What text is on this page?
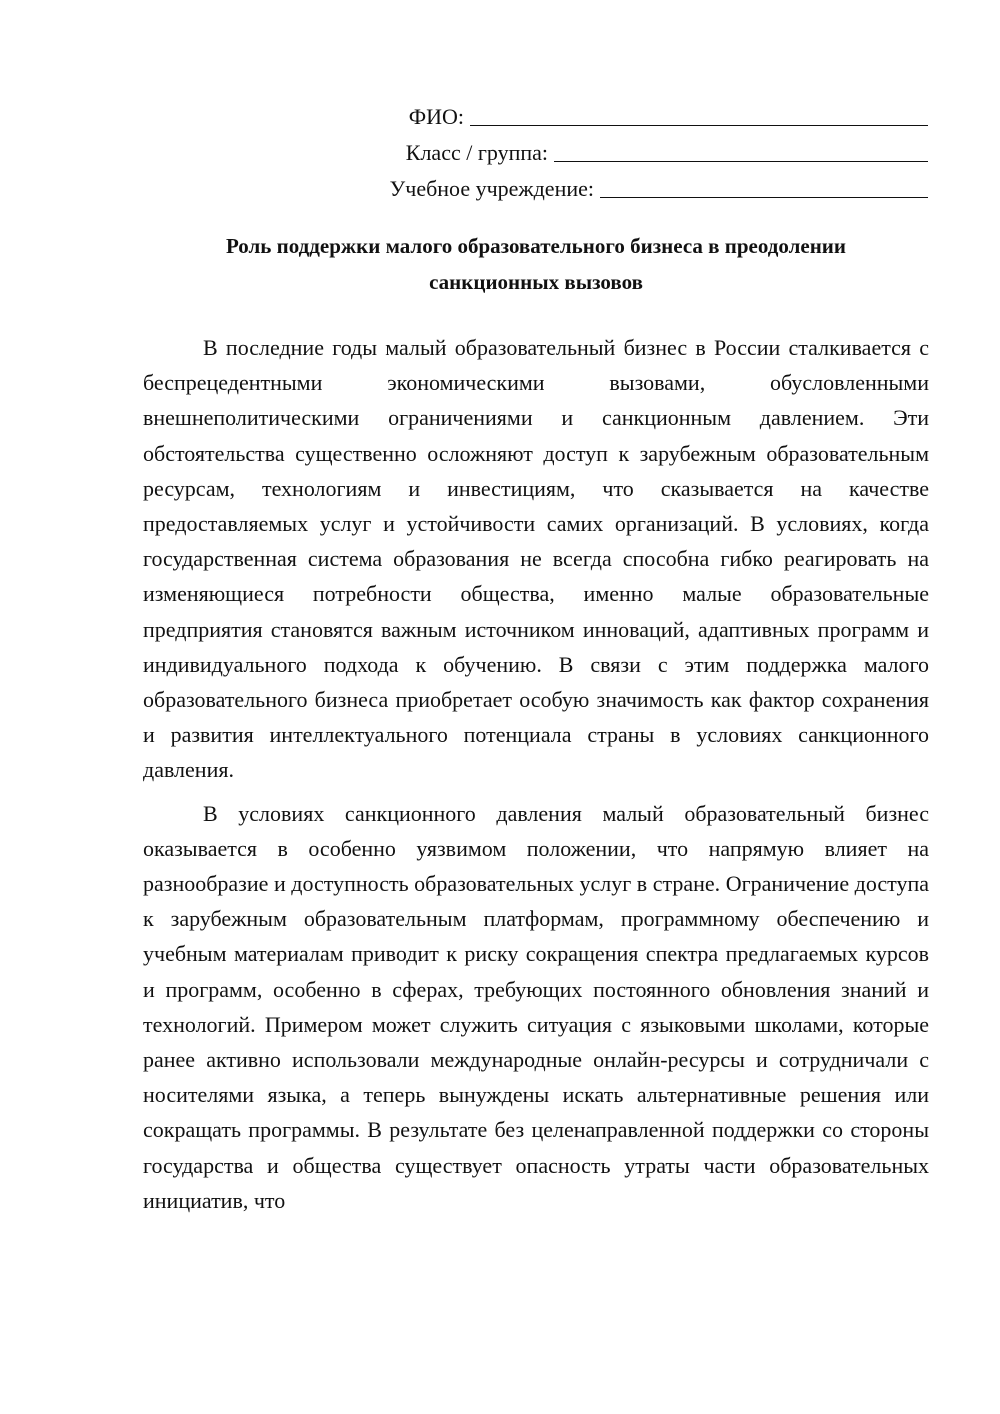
ФИО:
Класс / группа:
Учебное учреждение:
Роль поддержки малого образовательного бизнеса в преодолении
санкционных вызовов

В последние годы малый образовательный бизнес в России сталкивается с беспрецедентными экономическими вызовами, обусловленными внешнеполитическими ограничениями и санкционным давлением. Эти обстоятельства существенно осложняют доступ к зарубежным образовательным ресурсам, технологиям и инвестициям, что сказывается на качестве предоставляемых услуг и устойчивости самих организаций. В условиях, когда государственная система образования не всегда способна гибко реагировать на изменяющиеся потребности общества, именно малые образовательные предприятия становятся важным источником инноваций, адаптивных программ и индивидуального подхода к обучению. В связи с этим поддержка малого образовательного бизнеса приобретает особую значимость как фактор сохранения и развития интеллектуального потенциала страны в условиях санкционного давления.

В условиях санкционного давления малый образовательный бизнес оказывается в особенно уязвимом положении, что напрямую влияет на разнообразие и доступность образовательных услуг в стране. Ограничение доступа к зарубежным образовательным платформам, программному обеспечению и учебным материалам приводит к риску сокращения спектра предлагаемых курсов и программ, особенно в сферах, требующих постоянного обновления знаний и технологий. Примером может служить ситуация с языковыми школами, которые ранее активно использовали международные онлайн-ресурсы и сотрудничали с носителями языка, а теперь вынуждены искать альтернативные решения или сокращать программы. В результате без целенаправленной поддержки со стороны государства и общества существует опасность утраты части образовательных инициатив, что
